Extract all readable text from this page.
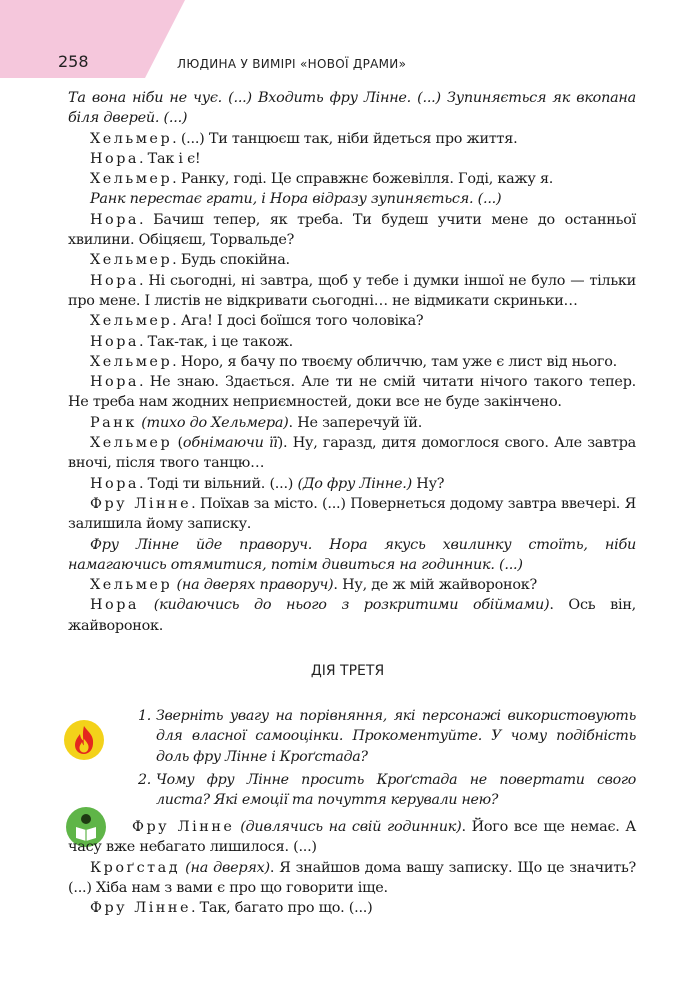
258	ЛЮДИНА У ВИМІРІ «НОВОЇ ДРАМИ»

Та вона ніби не чує. (...) Входить фру Лінне. (...) Зупиняється як вкопана біля дверей. (...)

Хельмер. (...) Ти танцюєш так, ніби йдеться про життя.

Нора. Так і є!

Хельмер. Ранку, годі. Це справжнє божевілля. Годі, кажу я.

Ранк перестає грати, і Нора відразу зупиняється. (...)

Нора. Бачиш тепер, як треба. Ти будеш учити мене до останньої хвилини. Обіцяєш, Торвальде?

Хельмер. Будь спокійна.

Нора. Ні сьогодні, ні завтра, щоб у тебе і думки іншої не було — тільки про мене. І листів не відкривати сьогодні… не відмикати скриньки…

Хельмер. Ага! І досі боїшся того чоловіка?

Нора. Так-так, і це також.

Хельмер. Норо, я бачу по твоєму обличчю, там уже є лист від нього.

Нора. Не знаю. Здається. Але ти не смій читати нічого такого тепер. Не треба нам жодних неприємностей, доки все не буде закінчено.

Ранк (тихо до Хельмера). Не заперечуй їй.

Хельмер (обнімаючи її). Ну, гаразд, дитя домоглося свого. Але завтра вночі, після твого танцю…

Нора. Тоді ти вільний. (...) (До фру Лінне.) Ну?

Фру Лінне. Поїхав за місто. (...) Повернеться додому завтра ввечері. Я залишила йому записку.

Фру Лінне йде праворуч. Нора якусь хвилинку стоїть, ніби намагаючись отямитися, потім дивиться на годинник. (...)

Хельмер (на дверях праворуч). Ну, де ж мій жайворонок?

Нора (кидаючись до нього з розкритими обіймами). Ось він, жайворонок.

ДІЯ ТРЕТЯ
1. Зверніть увагу на порівняння, які персонажі використовують для власної самооцінки. Прокоментуйте. У чому подібність доль фру Лінне і Кроґстада?
2. Чому фру Лінне просить Кроґстада не повертати свого листа? Які емоції та почуття керували нею?

Фру Лінне (дивлячись на свій годинник). Його все ще немає. А часу вже небагато лишилося. (...)

Кроґстад (на дверях). Я знайшов дома вашу записку. Що це значить? (...) Хіба нам з вами є про що говорити іще.

Фру Лінне. Так, багато про що. (...)
